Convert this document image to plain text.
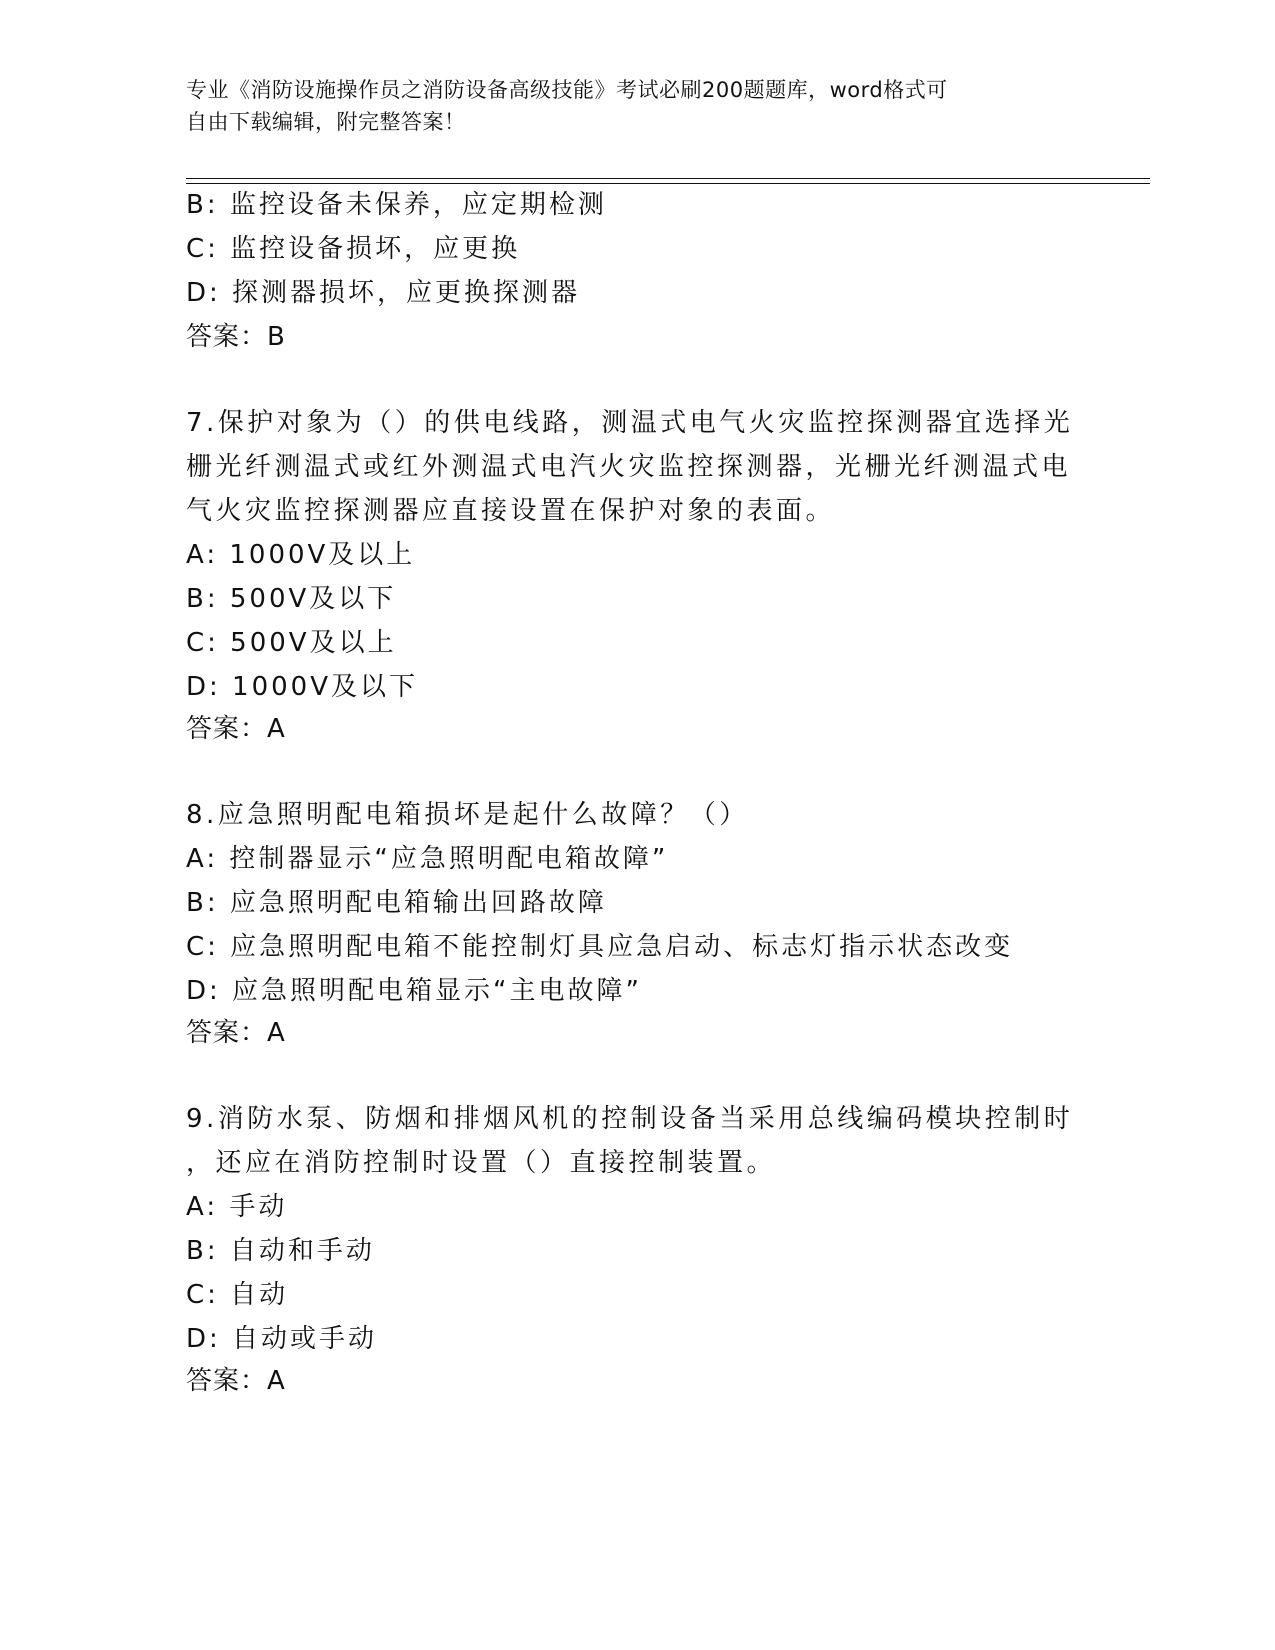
专业《消防设施操作员之消防设备高级技能》考试必刷200题题库，word格式可
自由下载编辑，附完整答案！
B: 监控设备未保养，应定期检测
C: 监控设备损坏，应更换
D: 探测器损坏，应更换探测器
答案：B
7.保护对象为（）的供电线路，测温式电气火灾监控探测器宜选择光
栅光纤测温式或红外测温式电汽火灾监控探测器，光栅光纤测温式电
气火灾监控探测器应直接设置在保护对象的表面。
A: 1000V及以上
B: 500V及以下
C: 500V及以上
D: 1000V及以下
答案：A
8.应急照明配电箱损坏是起什么故障？（）
A: 控制器显示“应急照明配电箱故障”
B: 应急照明配电箱输出回路故障
C: 应急照明配电箱不能控制灯具应急启动、标志灯指示状态改变
D: 应急照明配电箱显示“主电故障”
答案：A
9.消防水泵、防烟和排烟风机的控制设备当采用总线编码模块控制时
，还应在消防控制时设置（）直接控制装置。
A: 手动
B: 自动和手动
C: 自动
D: 自动或手动
答案：A
